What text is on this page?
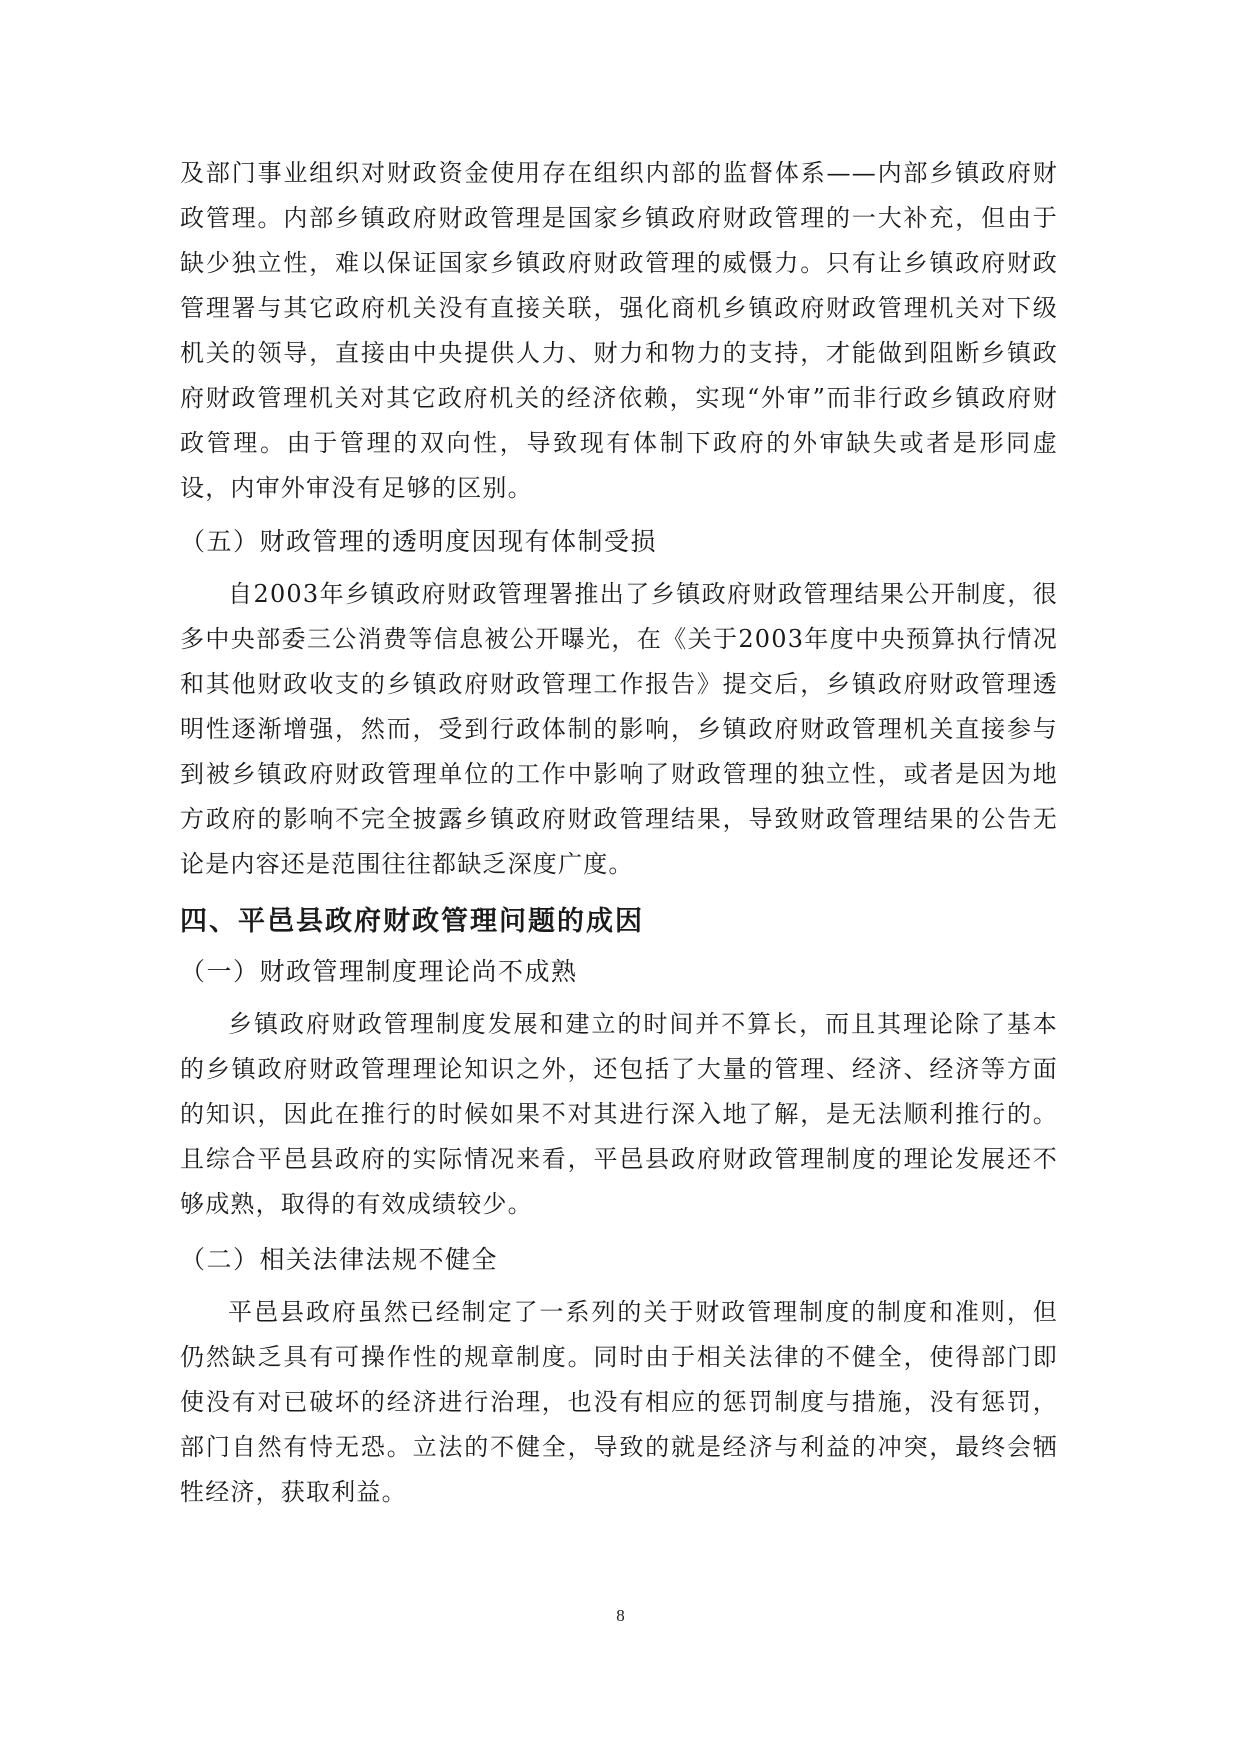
及部门事业组织对财政资金使用存在组织内部的监督体系——内部乡镇政府财政管理。内部乡镇政府财政管理是国家乡镇政府财政管理的一大补充，但由于缺少独立性，难以保证国家乡镇政府财政管理的威慑力。只有让乡镇政府财政管理署与其它政府机关没有直接关联，强化商机乡镇政府财政管理机关对下级机关的领导，直接由中央提供人力、财力和物力的支持，才能做到阻断乡镇政府财政管理机关对其它政府机关的经济依赖，实现“外审”而非行政乡镇政府财政管理。由于管理的双向性，导致现有体制下政府的外审缺失或者是形同虚设，内审外审没有足够的区别。

（五）财政管理的透明度因现有体制受损

自2003年乡镇政府财政管理署推出了乡镇政府财政管理结果公开制度，很多中央部委三公消费等信息被公开曝光，在《关于2003年度中央预算执行情况和其他财政收支的乡镇政府财政管理工作报告》提交后，乡镇政府财政管理透明性逐渐增强，然而，受到行政体制的影响，乡镇政府财政管理机关直接参与到被乡镇政府财政管理单位的工作中影响了财政管理的独立性，或者是因为地方政府的影响不完全披露乡镇政府财政管理结果，导致财政管理结果的公告无论是内容还是范围往往都缺乏深度广度。

四、平邑县政府财政管理问题的成因
（一）财政管理制度理论尚不成熟

乡镇政府财政管理制度发展和建立的时间并不算长，而且其理论除了基本的乡镇政府财政管理理论知识之外，还包括了大量的管理、经济、经济等方面的知识，因此在推行的时候如果不对其进行深入地了解，是无法顺利推行的。且综合平邑县政府的实际情况来看，平邑县政府财政管理制度的理论发展还不够成熟，取得的有效成绩较少。

（二）相关法律法规不健全

平邑县政府虽然已经制定了一系列的关于财政管理制度的制度和准则，但仍然缺乏具有可操作性的规章制度。同时由于相关法律的不健全，使得部门即使没有对已破坏的经济进行治理，也没有相应的惩罚制度与措施，没有惩罚，部门自然有恃无恐。立法的不健全，导致的就是经济与利益的冲突，最终会牺牲经济，获取利益。

8
